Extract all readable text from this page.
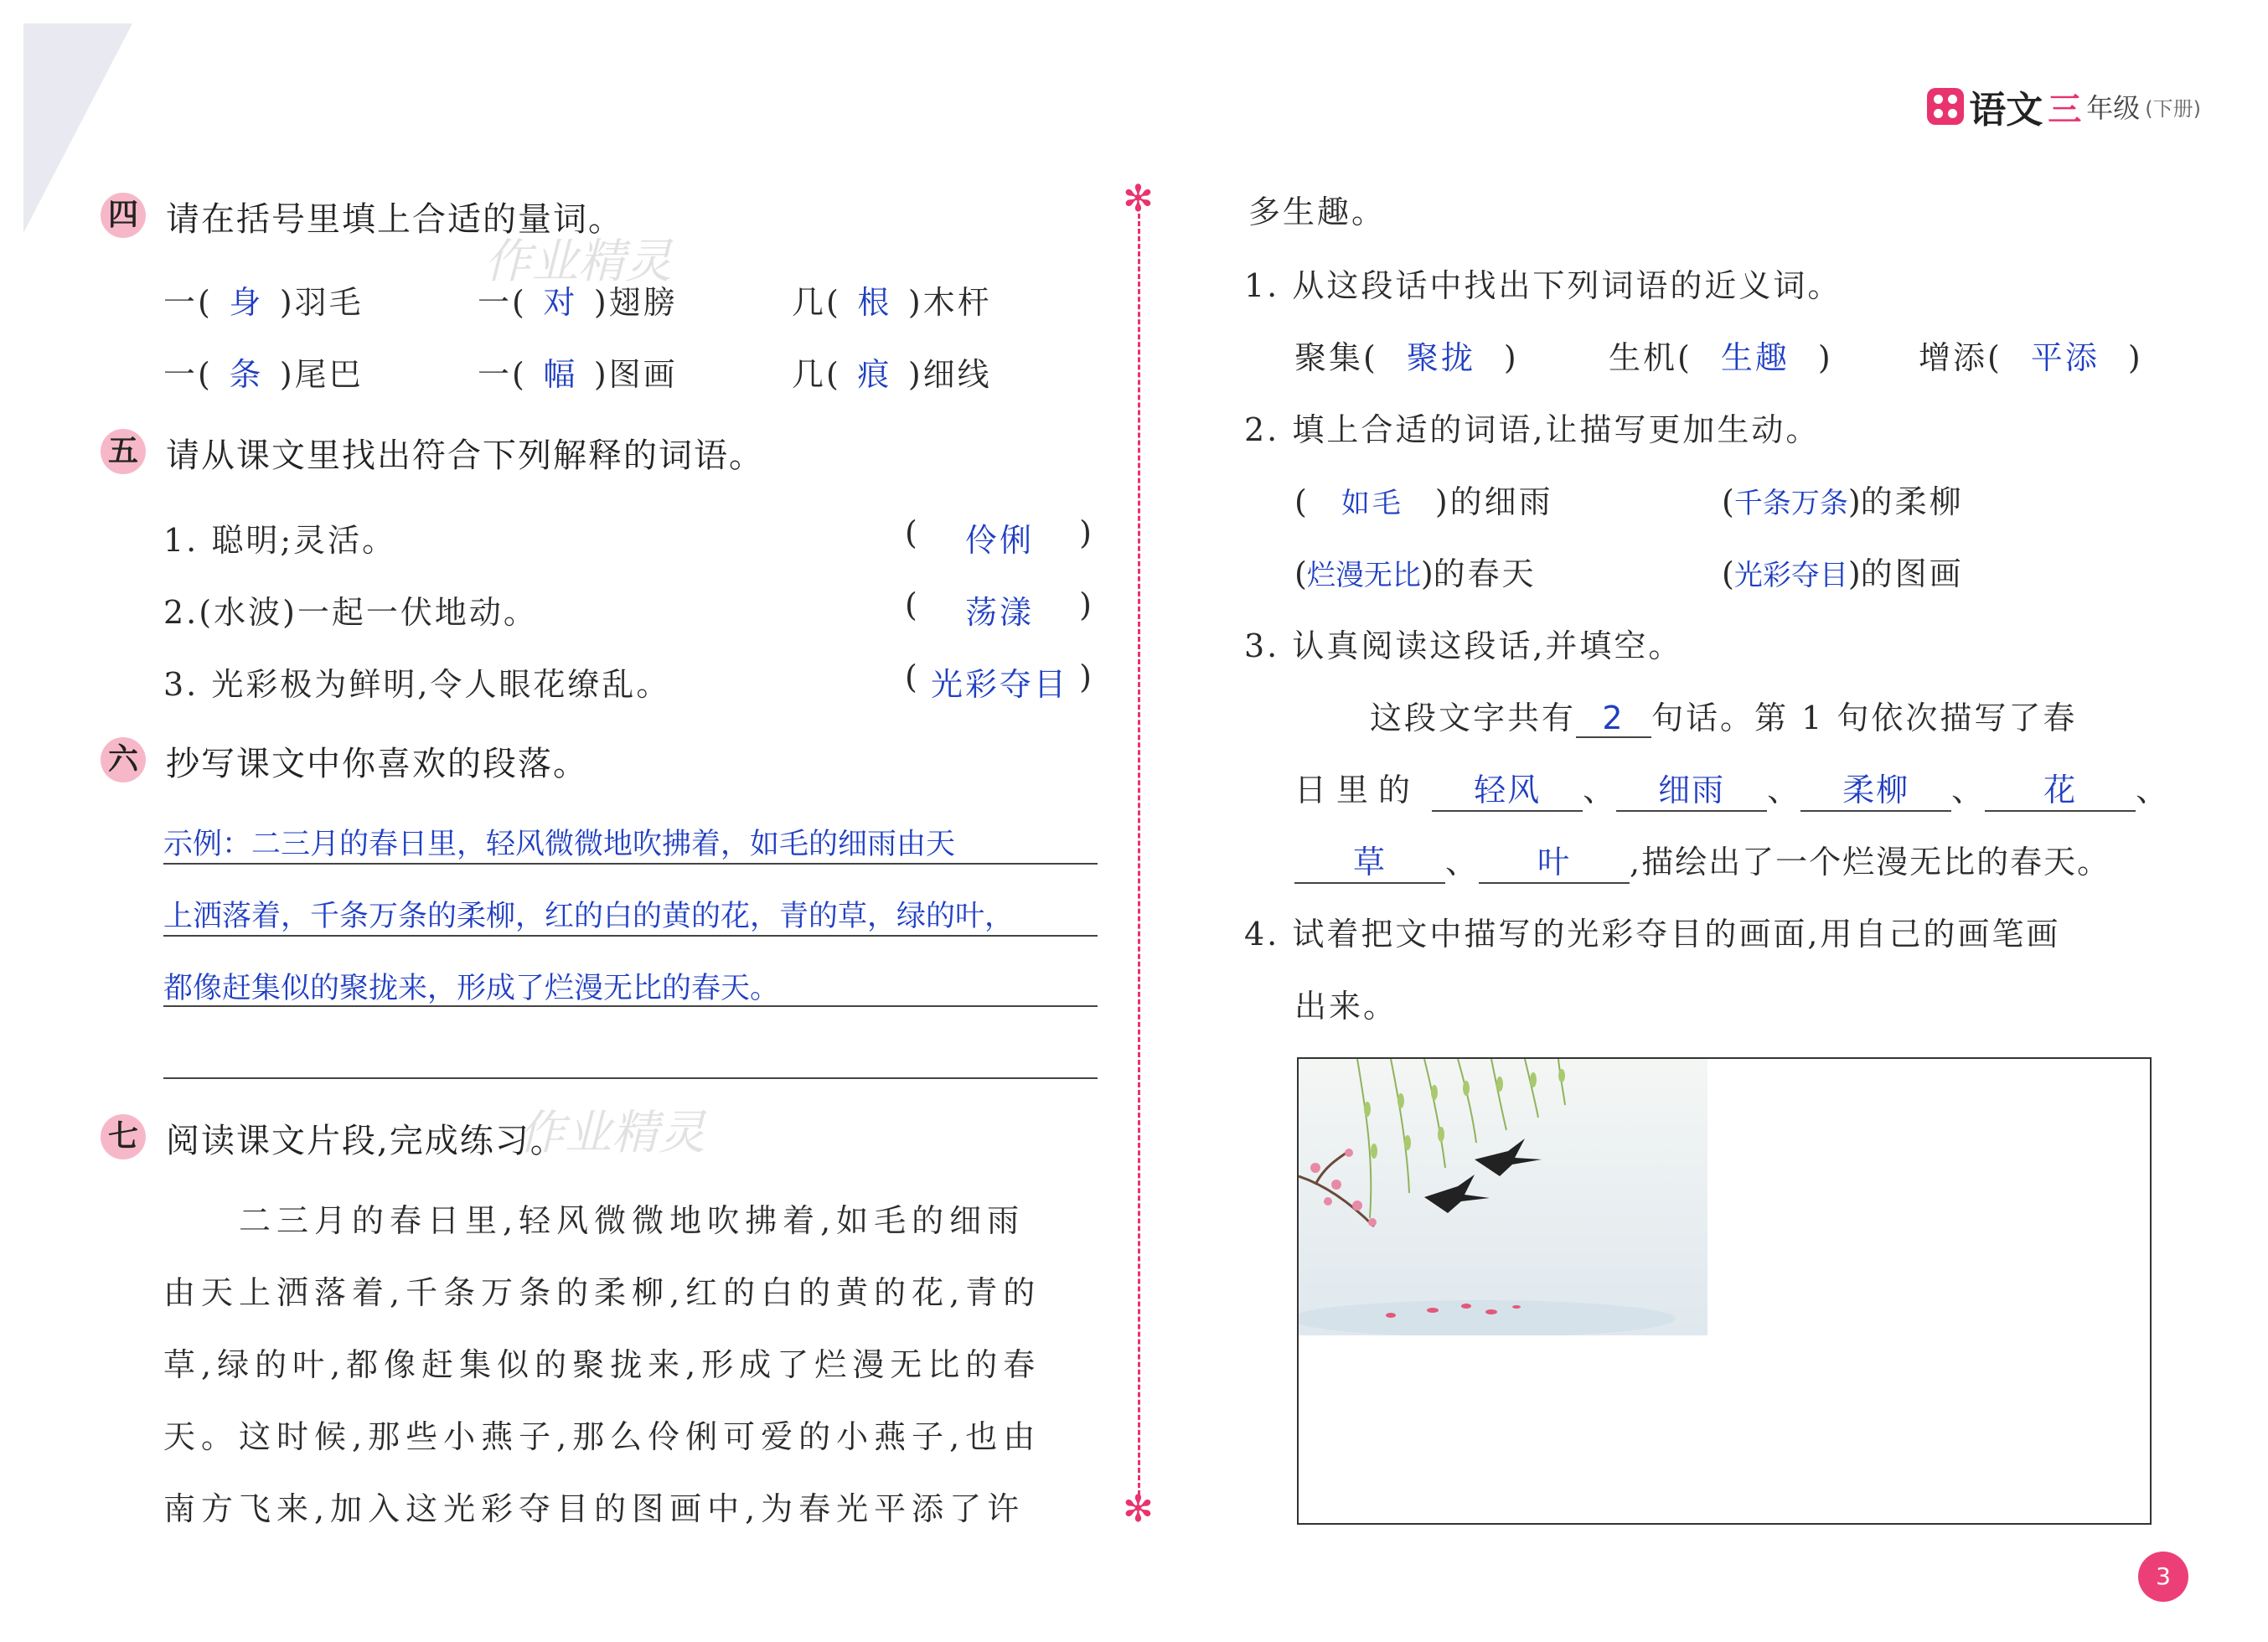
语文 三 年级 (下册)
作业精灵
作业精灵
✻
✻
四 请在括号里填上合适的量词。
一( 身 )羽毛	一( 对 )翅膀	几( 根 )木杆
一( 条 )尾巴	一( 幅 )图画	几( 痕 )细线
五 请从课文里找出符合下列解释的词语。
1. 聪明;灵活。	( 伶俐 )
2.(水波)一起一伏地动。	( 荡漾 )
3. 光彩极为鲜明,令人眼花缭乱。	( 光彩夺目 )
六 抄写课文中你喜欢的段落。
示例：二三月的春日里，轻风微微地吹拂着，如毛的细雨由天
上洒落着，千条万条的柔柳，红的白的黄的花，青的草，绿的叶，
都像赶集似的聚拢来，形成了烂漫无比的春天。
七 阅读课文片段,完成练习。
二三月的春日里,轻风微微地吹拂着,如毛的细雨
由天上洒落着,千条万条的柔柳,红的白的黄的花,青的
草,绿的叶,都像赶集似的聚拢来,形成了烂漫无比的春
天。这时候,那些小燕子,那么伶俐可爱的小燕子,也由
南方飞来,加入这光彩夺目的图画中,为春光平添了许
多生趣。
1. 从这段话中找出下列词语的近义词。
聚集( 聚拢 )	生机( 生趣 )	增添( 平添 )
2. 填上合适的词语,让描写更加生动。
( 如毛 )的细雨	(千条万条)的柔柳
(烂漫无比)的春天	(光彩夺目)的图画
3. 认真阅读这段话,并填空。
这段文字共有 2 句话。第 1 句依次描写了春
日里的 轻风 、 细雨 、 柔柳 、 花 、
草 、 叶 ,描绘出了一个烂漫无比的春天。
4. 试着把文中描写的光彩夺目的画面,用自己的画笔画
出来。
3
